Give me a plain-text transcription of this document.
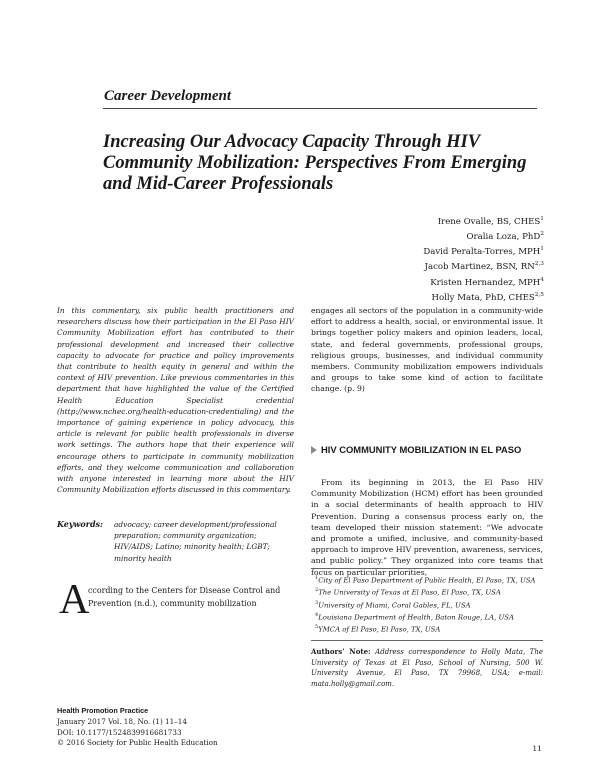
Career Development
Increasing Our Advocacy Capacity Through HIV Community Mobilization: Perspectives From Emerging and Mid-Career Professionals
Irene Ovalle, BS, CHES$^1$
Oralia Loza, PhD$^2$
David Peralta-Torres, MPH$^1$
Jacob Martinez, BSN, RN$^{2,3}$
Kristen Hernandez, MPH$^4$
Holly Mata, PhD, CHES$^{2,5}$
In this commentary, six public health practitioners and researchers discuss how their participation in the El Paso HIV Community Mobilization effort has contributed to their professional development and increased their collective capacity to advocate for practice and policy improvements that contribute to health equity in general and within the context of HIV prevention. Like previous commentaries in this department that have highlighted the value of the Certified Health Education Specialist credential (http://www.nchec.org/health-education-credentialing) and the importance of gaining experience in policy advocacy, this article is relevant for public health professionals in diverse work settings. The authors hope that their experience will encourage others to participate in community mobilization efforts, and they welcome communication and collaboration with anyone interested in learning more about the HIV Community Mobilization efforts discussed in this commentary.
Keywords: advocacy; career development/professional preparation; community organization; HIV/AIDS; Latino; minority health; LGBT; minority health
A
ccording to the Centers for Disease Control and Prevention (n.d.), community mobilization
Health Promotion Practice
January 2017 Vol. 18, No. (1) 11–14
DOI: 10.1177/1524839916681733
© 2016 Society for Public Health Education
engages all sectors of the population in a community-wide effort to address a health, social, or environmental issue. It brings together policy makers and opinion leaders, local, state, and federal governments, professional groups, religious groups, businesses, and individual community members. Community mobilization empowers individuals and groups to take some kind of action to facilitate change. (p. 9)
HIV COMMUNITY MOBILIZATION IN EL PASO
From its beginning in 2013, the El Paso HIV Community Mobilization (HCM) effort has been grounded in a social determinants of health approach to HIV Prevention. During a consensus process early on, the team developed their mission statement: “We advocate and promote a unified, inclusive, and community-based approach to improve HIV prevention, awareness, services, and public policy.” They organized into core teams that focus on particular priorities,
$^1$City of El Paso Department of Public Health, El Paso, TX, USA
$^2$The University of Texas at El Paso, El Paso, TX, USA
$^3$University of Miami, Coral Gables, FL, USA
$^4$Louisiana Department of Health, Baton Rouge, LA, USA
$^5$YMCA of El Paso, El Paso, TX, USA
Authors’ Note: Address correspondence to Holly Mata, The University of Texas at El Paso, School of Nursing, 500 W. University Avenue, El Paso, TX 79968, USA; e-mail: mata.holly@gmail.com.
11
